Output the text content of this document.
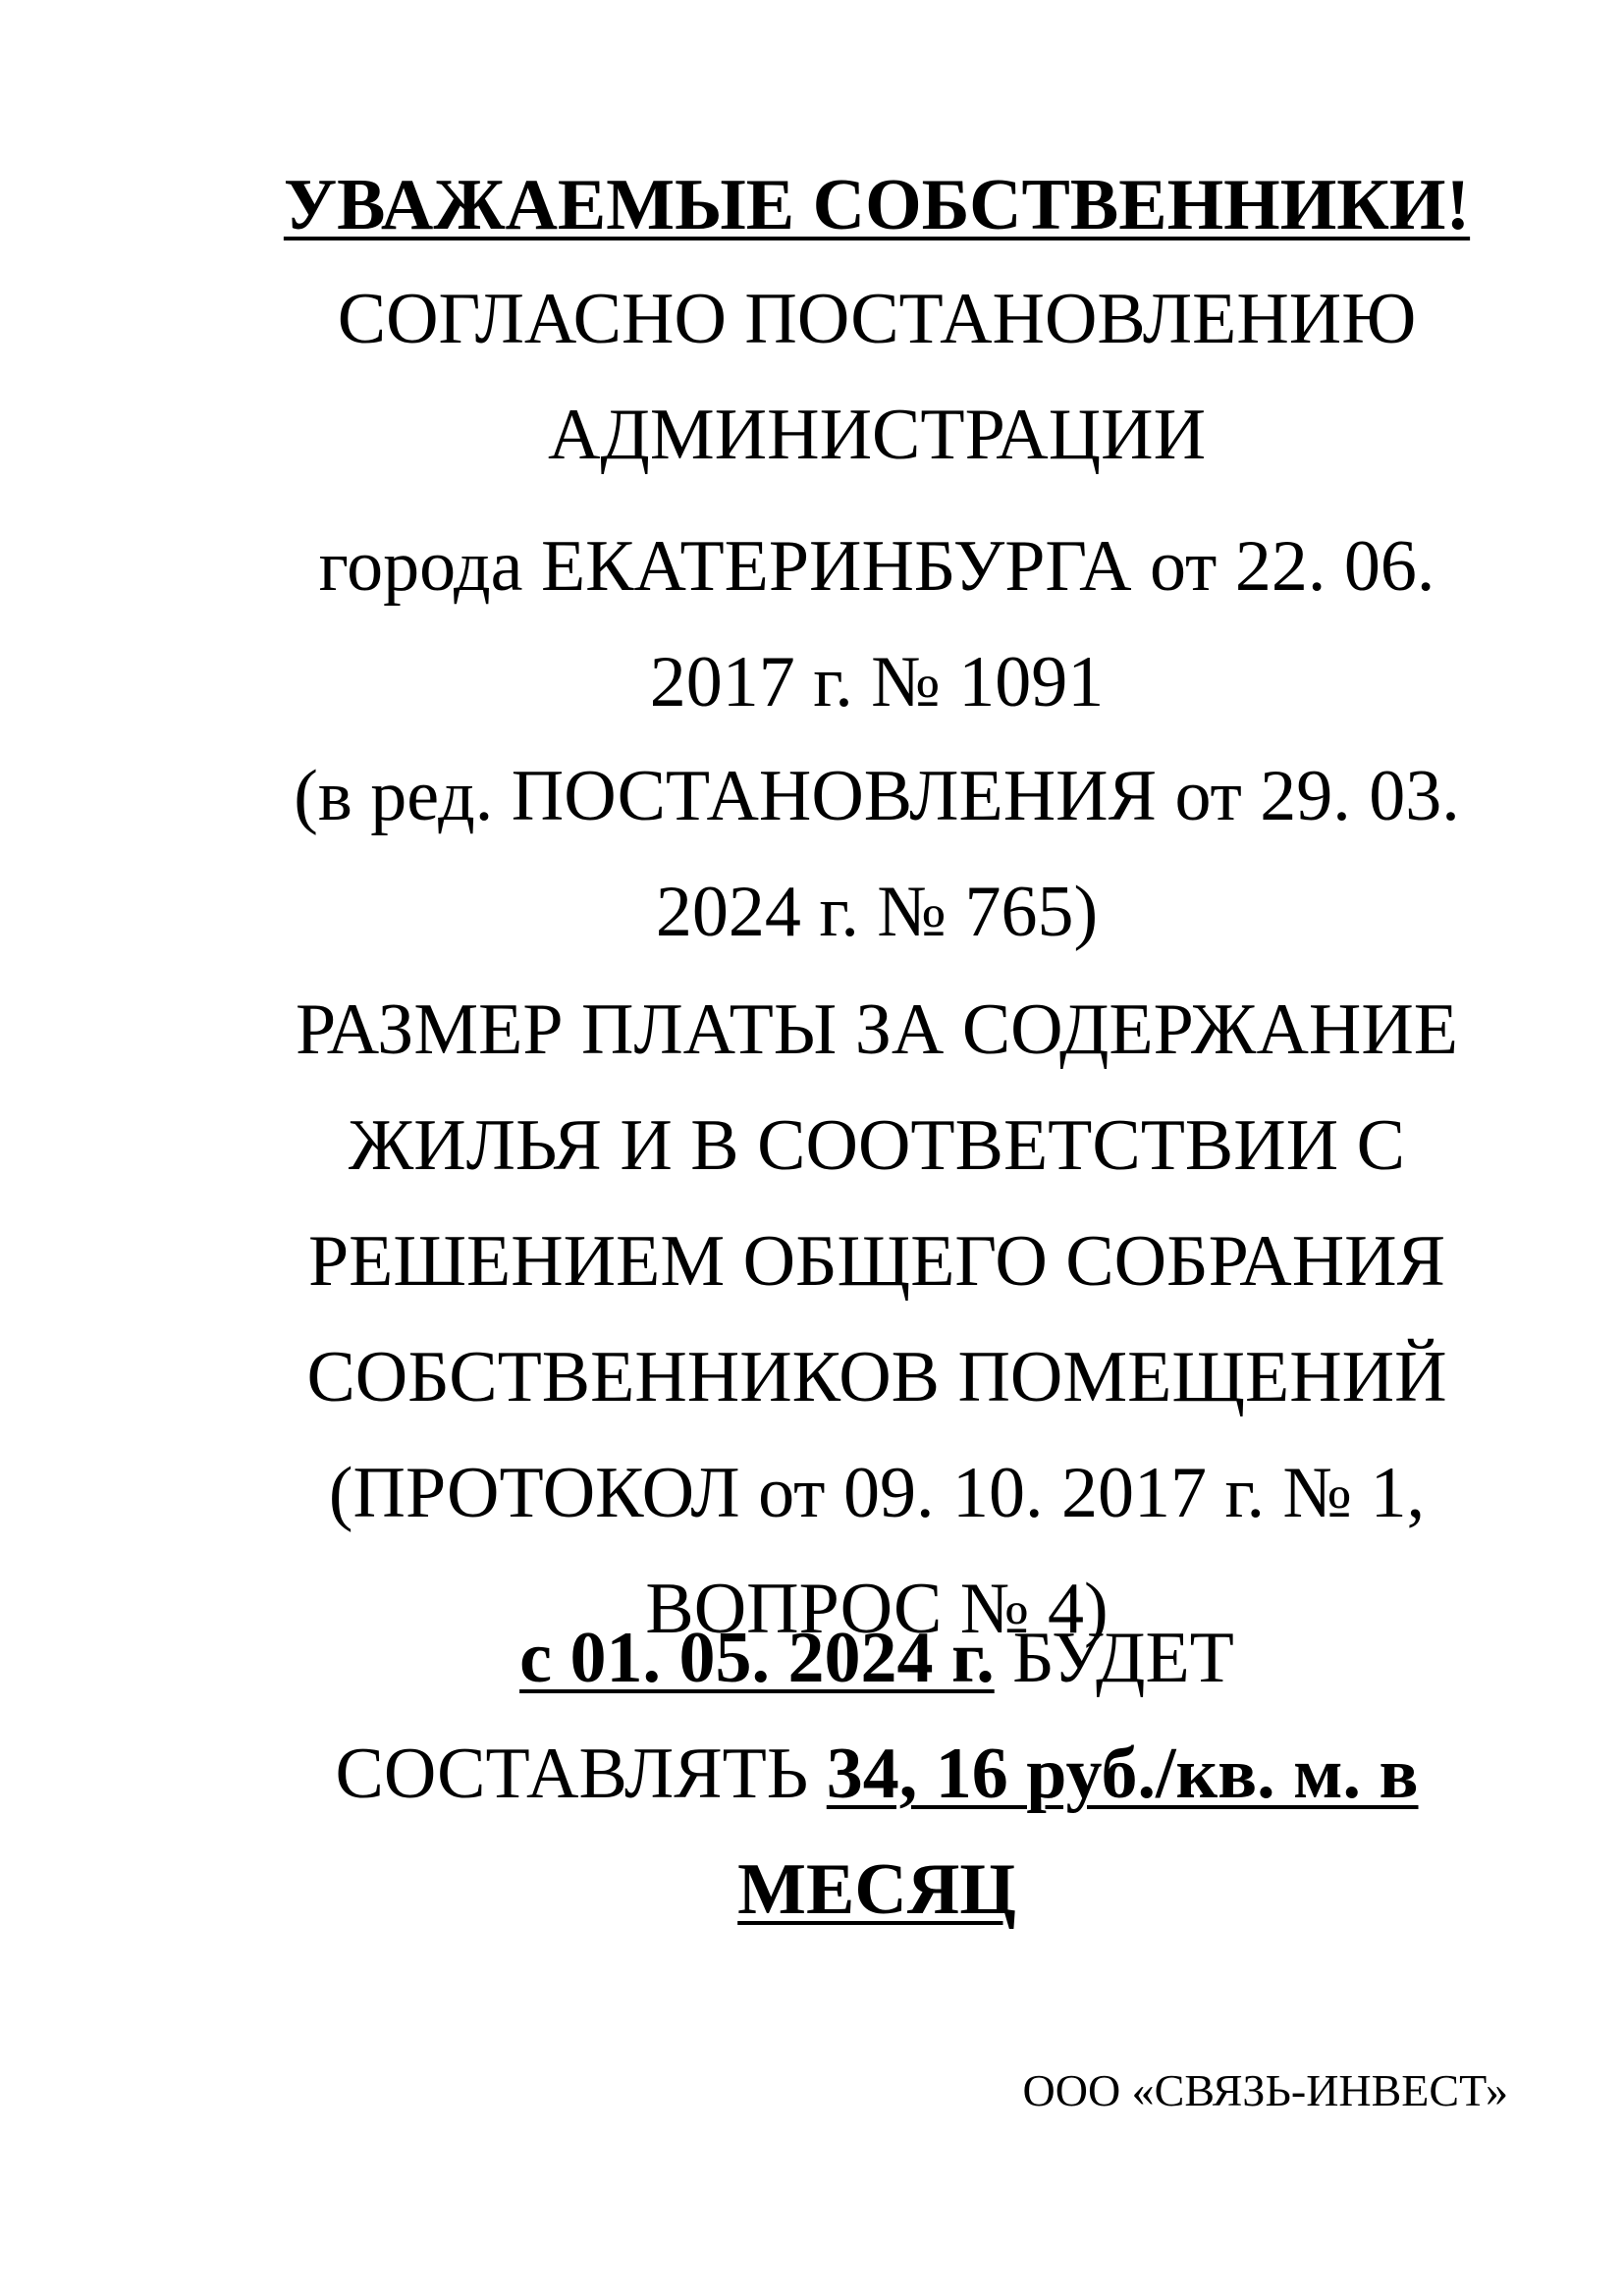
УВАЖАЕМЫЕ СОБСТВЕННИКИ!
СОГЛАСНО ПОСТАНОВЛЕНИЮ АДМИНИСТРАЦИИ
города ЕКАТЕРИНБУРГА от 22. 06. 2017 г. № 1091
(в ред. ПОСТАНОВЛЕНИЯ от 29. 03. 2024 г. № 765)
РАЗМЕР ПЛАТЫ ЗА СОДЕРЖАНИЕ ЖИЛЬЯ И В СООТВЕТСТВИИ С РЕШЕНИЕМ ОБЩЕГО СОБРАНИЯ СОБСТВЕННИКОВ ПОМЕЩЕНИЙ (ПРОТОКОЛ от 09. 10. 2017 г. № 1, ВОПРОС № 4)
с 01. 05. 2024 г. БУДЕТ
СОСТАВЛЯТЬ 34, 16 руб./кв. м. в
МЕСЯЦ
ООО «СВЯЗЬ-ИНВЕСТ»
